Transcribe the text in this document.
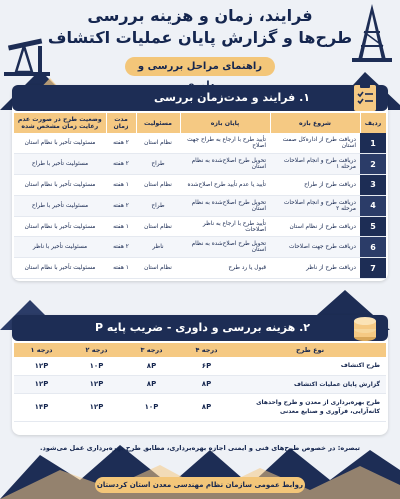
فرایند، زمان و هزینه بررسی
طرح‌ها و گزارش پایان عملیات اکتشاف
راهنمای مراحل بررسی و
۱. فرایند و مدت‌زمان بررسی
ردیف	شروع بازه	پایان بازه	مسئولیت	مدت زمان	وضعیت طرح در صورت عدم رعایت زمان مشخص شده
1	دریافت طرح از اداره‌کل صمت استان	تأیید طرح با ارجاع به طراح جهت اصلاح	نظام استان	۲ هفته	مسئولیت تأخیر با نظام استان
2	دریافت طرح و انجام اصلاحات مرحله ۱	تحویل طرح اصلاح‌شده به نظام استان	طراح	۲ هفته	مسئولیت تأخیر با طراح
3	دریافت طرح از طراح	تأیید یا عدم تأیید طرح اصلاح‌شده	نظام استان	۱ هفته	مسئولیت تأخیر با نظام استان
4	دریافت طرح و انجام اصلاحات مرحله ۲	تحویل طرح اصلاح‌شده به نظام استان	طراح	۲ هفته	مسئولیت تأخیر با طراح
5	دریافت طرح از نظام استان	تأیید طرح با ارجاع به ناظر اصلاحات	نظام استان	۱ هفته	مسئولیت تأخیر با نظام استان
6	دریافت طرح جهت اصلاحات	تحویل طرح اصلاح‌شده به نظام استان	ناظر	۲ هفته	مسئولیت تأخیر با ناظر
7	دریافت طرح از ناظر	قبول یا رد طرح	نظام استان	۱ هفته	مسئولیت تأخیر با نظام استان
۲. هزینه بررسی و داوری - ضریب پایه P
نوع طرح	درجه ۴	درجه ۳	درجه ۲	درجه ۱
طرح اکتشاف	۶P	۸P	۱۰P	۱۲P
گزارش پایان عملیات اکتشاف	۸P	۸P	۱۲P	۱۲P
طرح بهره‌برداری از معدن و طرح واحدهای کانه‌آرایی، فرآوری و صنایع معدنی	۸P	۱۰P	۱۲P	۱۴P
تبصره: در خصوص طرح‌های فنی و ایمنی اجازه بهره‌برداری، مطابق طرح بهره‌برداری عمل می‌شود.
روابط عمومی سازمان نظام مهندسی معدن استان کردستان
